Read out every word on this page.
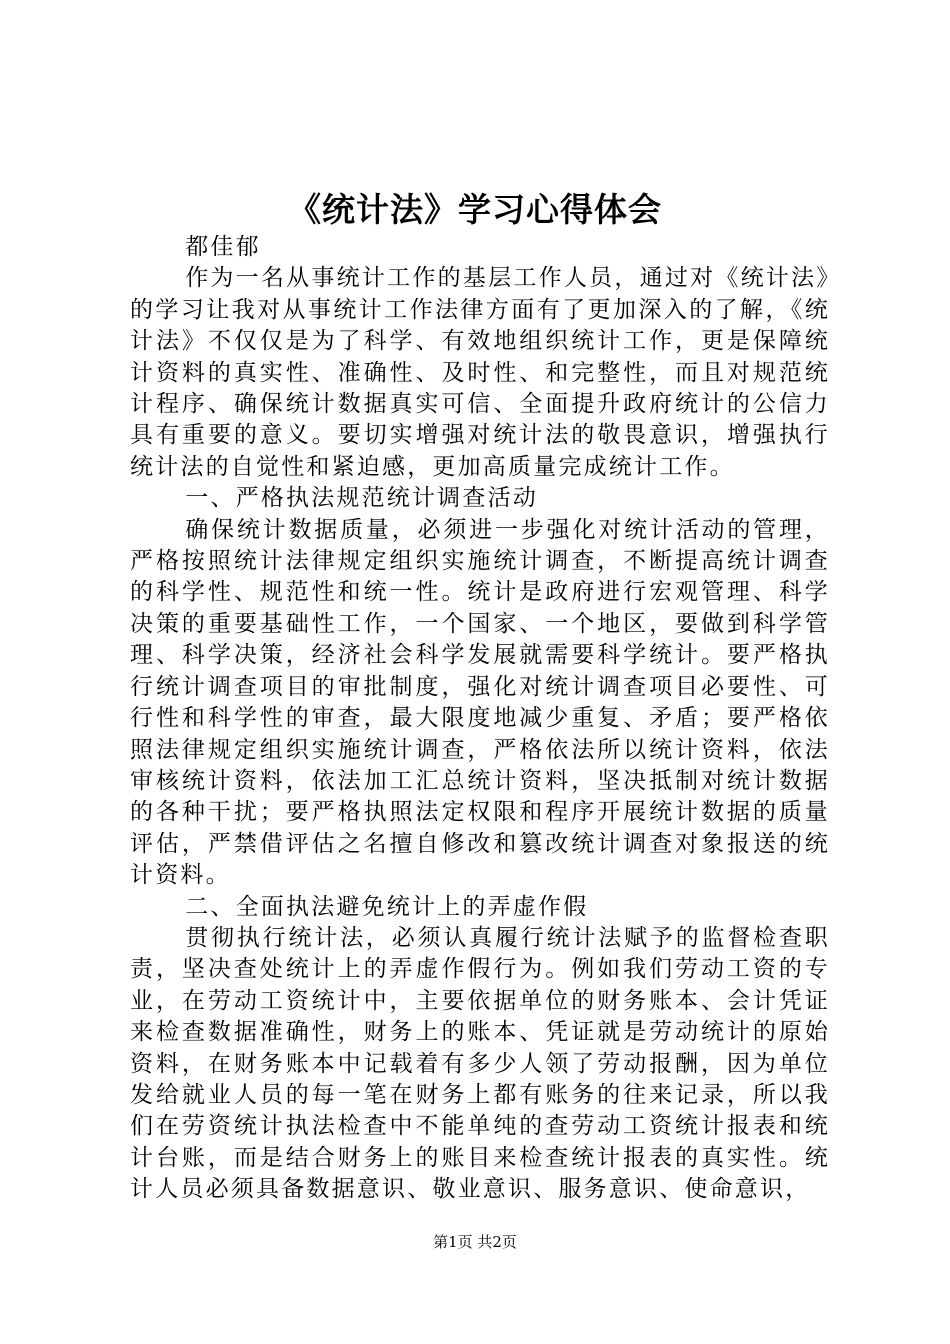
《统计法》学习心得体会

都佳郁

作为一名从事统计工作的基层工作人员，通过对《统计法》的学习让我对从事统计工作法律方面有了更加深入的了解，《统计法》不仅仅是为了科学、有效地组织统计工作，更是保障统计资料的真实性、准确性、及时性、和完整性，而且对规范统计程序、确保统计数据真实可信、全面提升政府统计的公信力具有重要的意义。要切实增强对统计法的敬畏意识，增强执行统计法的自觉性和紧迫感，更加高质量完成统计工作。

一、严格执法规范统计调查活动

确保统计数据质量，必须进一步强化对统计活动的管理，严格按照统计法律规定组织实施统计调查，不断提高统计调查的科学性、规范性和统一性。统计是政府进行宏观管理、科学决策的重要基础性工作，一个国家、一个地区，要做到科学管理、科学决策，经济社会科学发展就需要科学统计。要严格执行统计调查项目的审批制度，强化对统计调查项目必要性、可行性和科学性的审查，最大限度地减少重复、矛盾；要严格依照法律规定组织实施统计调查，严格依法所以统计资料，依法审核统计资料，依法加工汇总统计资料，坚决抵制对统计数据的各种干扰；要严格执照法定权限和程序开展统计数据的质量评估，严禁借评估之名擅自修改和篡改统计调查对象报送的统计资料。

二、全面执法避免统计上的弄虚作假

贯彻执行统计法，必须认真履行统计法赋予的监督检查职责，坚决查处统计上的弄虚作假行为。例如我们劳动工资的专业，在劳动工资统计中，主要依据单位的财务账本、会计凭证来检查数据准确性，财务上的账本、凭证就是劳动统计的原始资料，在财务账本中记载着有多少人领了劳动报酬，因为单位发给就业人员的每一笔在财务上都有账务的往来记录，所以我们在劳资统计执法检查中不能单纯的查劳动工资统计报表和统计台账，而是结合财务上的账目来检查统计报表的真实性。统计人员必须具备数据意识、敬业意识、服务意识、使命意识，

第1页 共2页
